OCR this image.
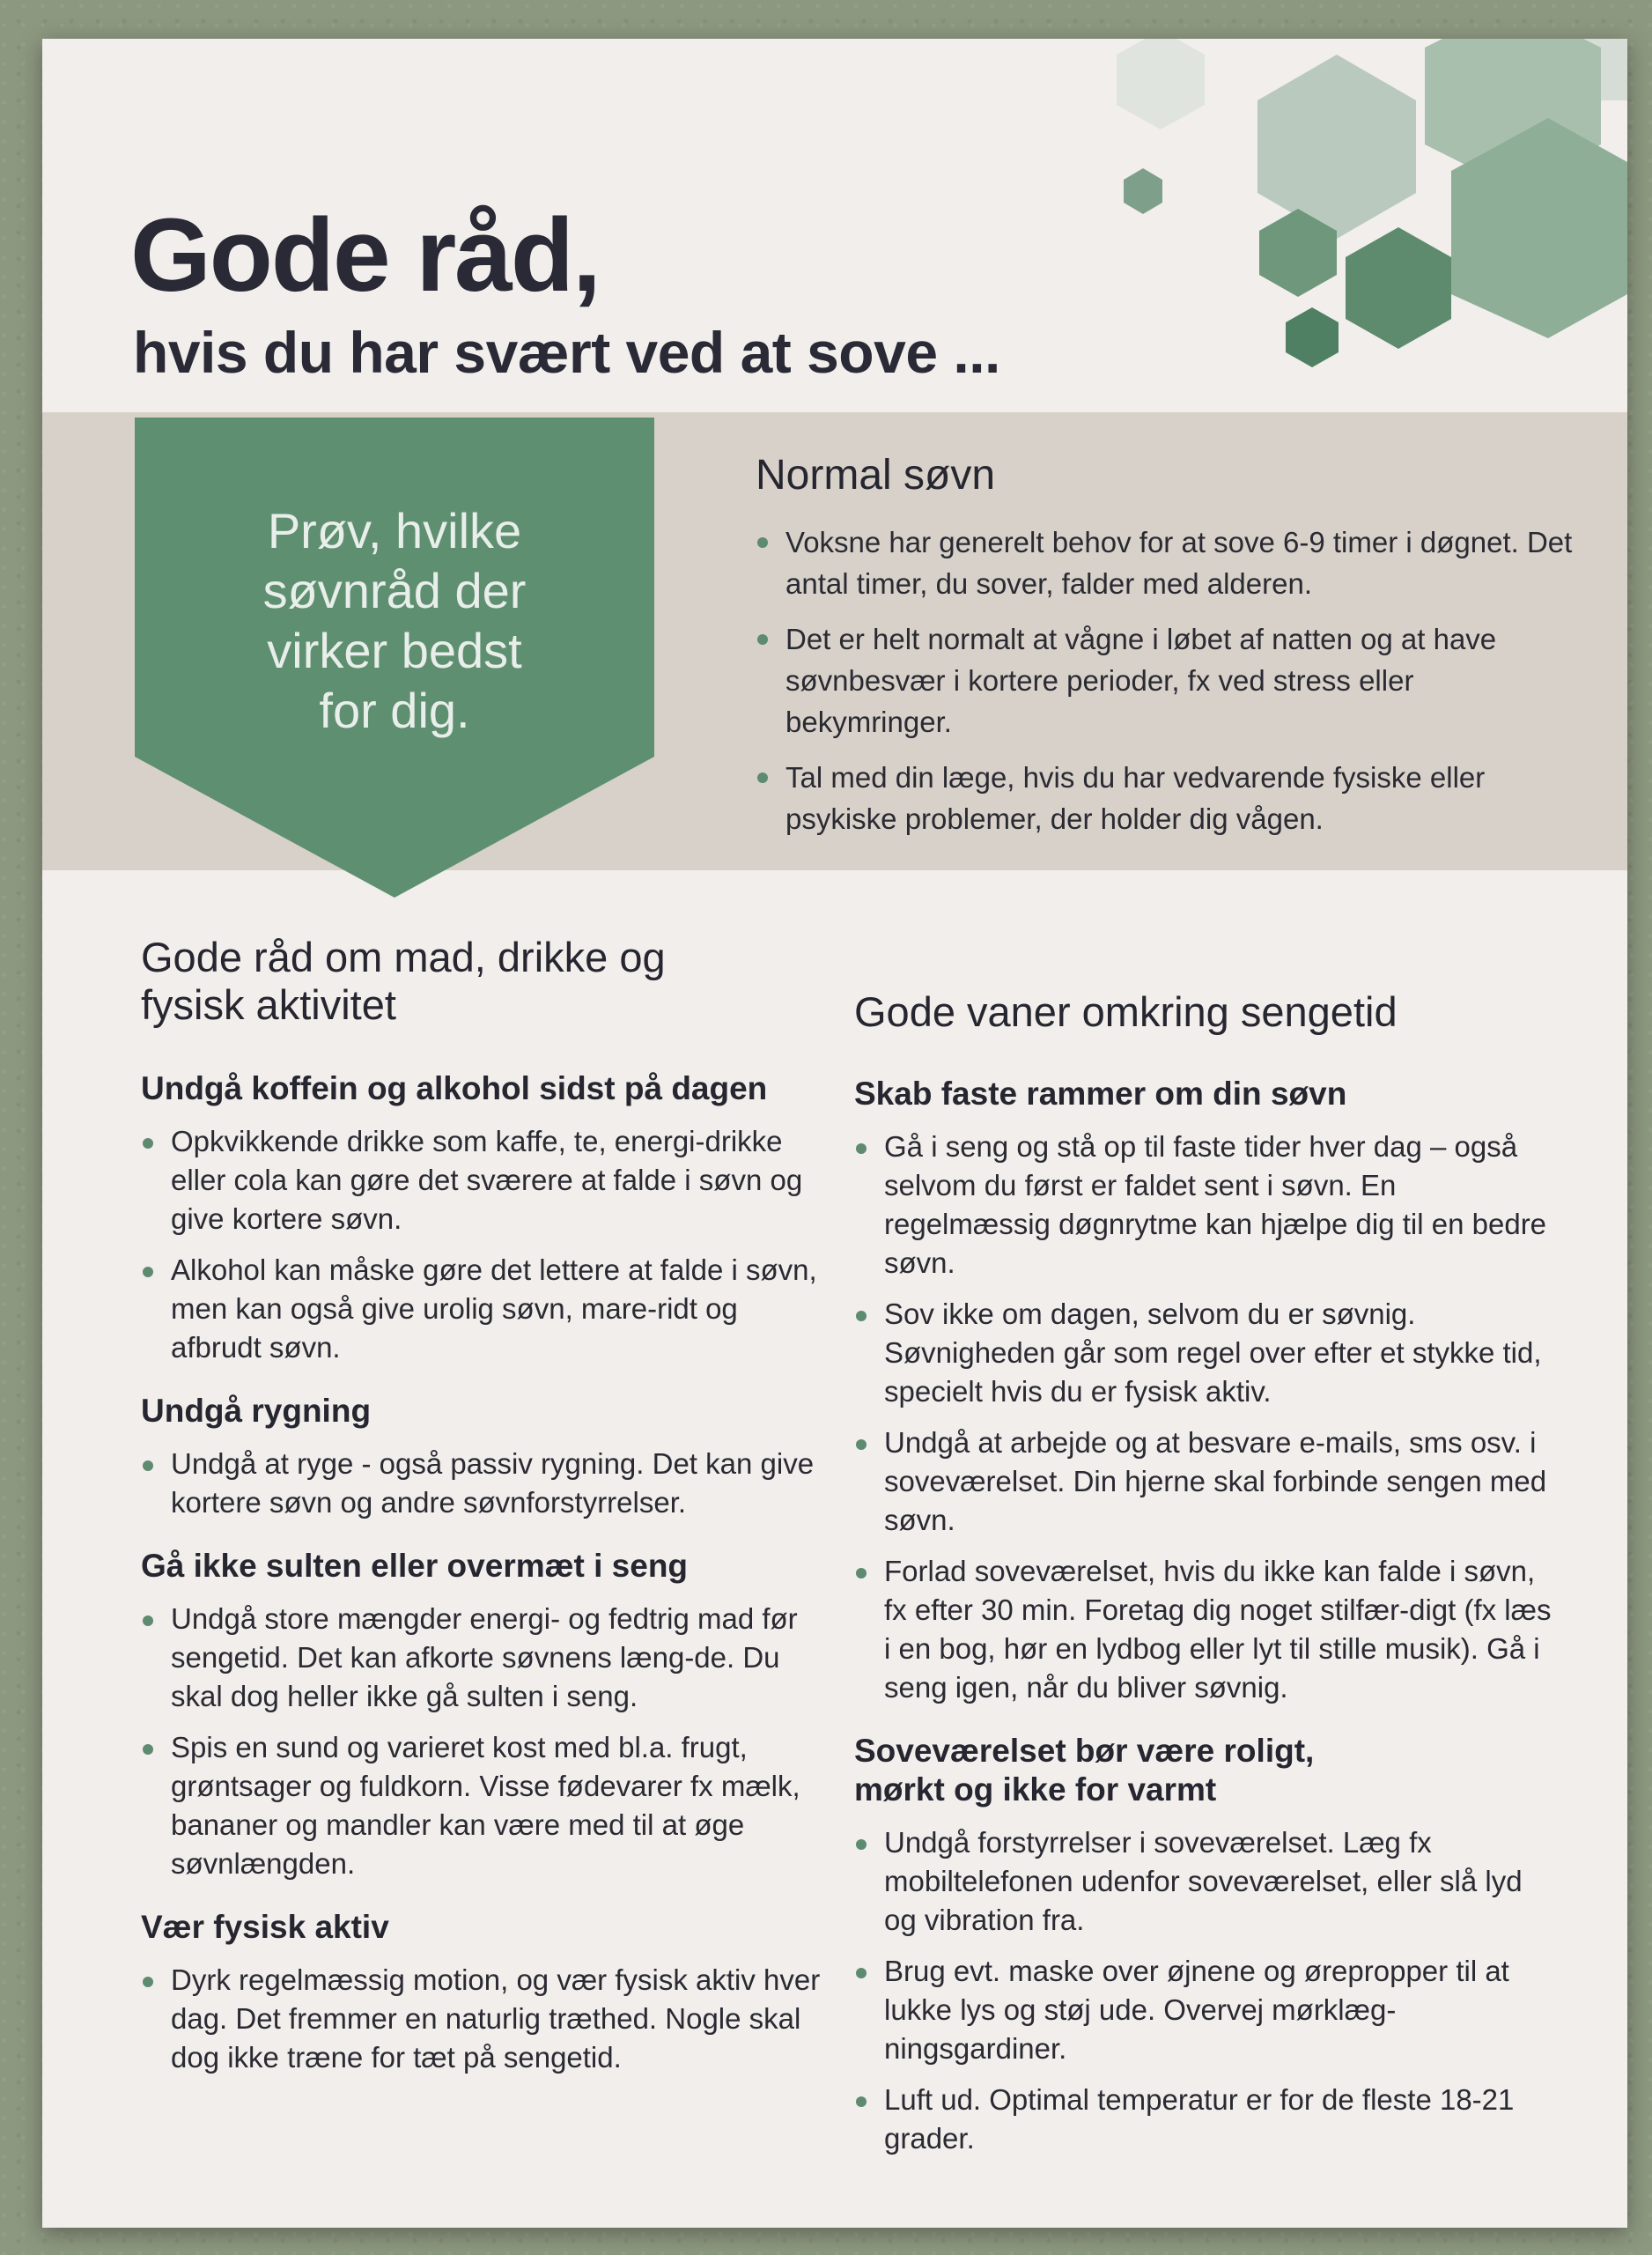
Gode råd,
hvis du har svært ved at sove ...
Prøv, hvilke
søvnråd der
virker bedst
for dig.
Normal søvn
Voksne har generelt behov for at sove 6-9 timer i døgnet. Det antal timer, du sover, falder med alderen.
Det er helt normalt at vågne i løbet af natten og at have søvnbesvær i kortere perioder, fx ved stress eller bekymringer.
Tal med din læge, hvis du har vedvarende fysiske eller psykiske problemer, der holder dig vågen.
Gode råd om mad, drikke og fysisk aktivitet

Undgå koffein og alkohol sidst på dagen

Opkvikkende drikke som kaffe, te, energi-drikke eller cola kan gøre det sværere at falde i søvn og give kortere søvn.
Alkohol kan måske gøre det lettere at falde i søvn, men kan også give urolig søvn, mare-ridt og afbrudt søvn.

Undgå rygning

Undgå at ryge - også passiv rygning. Det kan give kortere søvn og andre søvnforstyrrelser.

Gå ikke sulten eller overmæt i seng

Undgå store mængder energi- og fedtrig mad før sengetid. Det kan afkorte søvnens læng-de. Du skal dog heller ikke gå sulten i seng.
Spis en sund og varieret kost med bl.a. frugt, grøntsager og fuldkorn. Visse fødevarer fx mælk, bananer og mandler kan være med til at øge søvnlængden.

Vær fysisk aktiv

Dyrk regelmæssig motion, og vær fysisk aktiv hver dag. Det fremmer en naturlig træthed. Nogle skal dog ikke træne for tæt på sengetid.
Gode vaner omkring sengetid

Skab faste rammer om din søvn

Gå i seng og stå op til faste tider hver dag – også selvom du først er faldet sent i søvn. En regelmæssig døgnrytme kan hjælpe dig til en bedre søvn.
Sov ikke om dagen, selvom du er søvnig. Søvnigheden går som regel over efter et stykke tid, specielt hvis du er fysisk aktiv.
Undgå at arbejde og at besvare e-mails, sms osv. i soveværelset. Din hjerne skal forbinde sengen med søvn.
Forlad soveværelset, hvis du ikke kan falde i søvn, fx efter 30 min. Foretag dig noget stilfær-digt (fx læs i en bog, hør en lydbog eller lyt til stille musik). Gå i seng igen, når du bliver søvnig.

Soveværelset bør være roligt, mørkt og ikke for varmt

Undgå forstyrrelser i soveværelset. Læg fx mobiltelefonen udenfor soveværelset, eller slå lyd og vibration fra.
Brug evt. maske over øjnene og ørepropper til at lukke lys og støj ude. Overvej mørklæg-ningsgardiner.
Luft ud. Optimal temperatur er for de fleste 18-21 grader.
